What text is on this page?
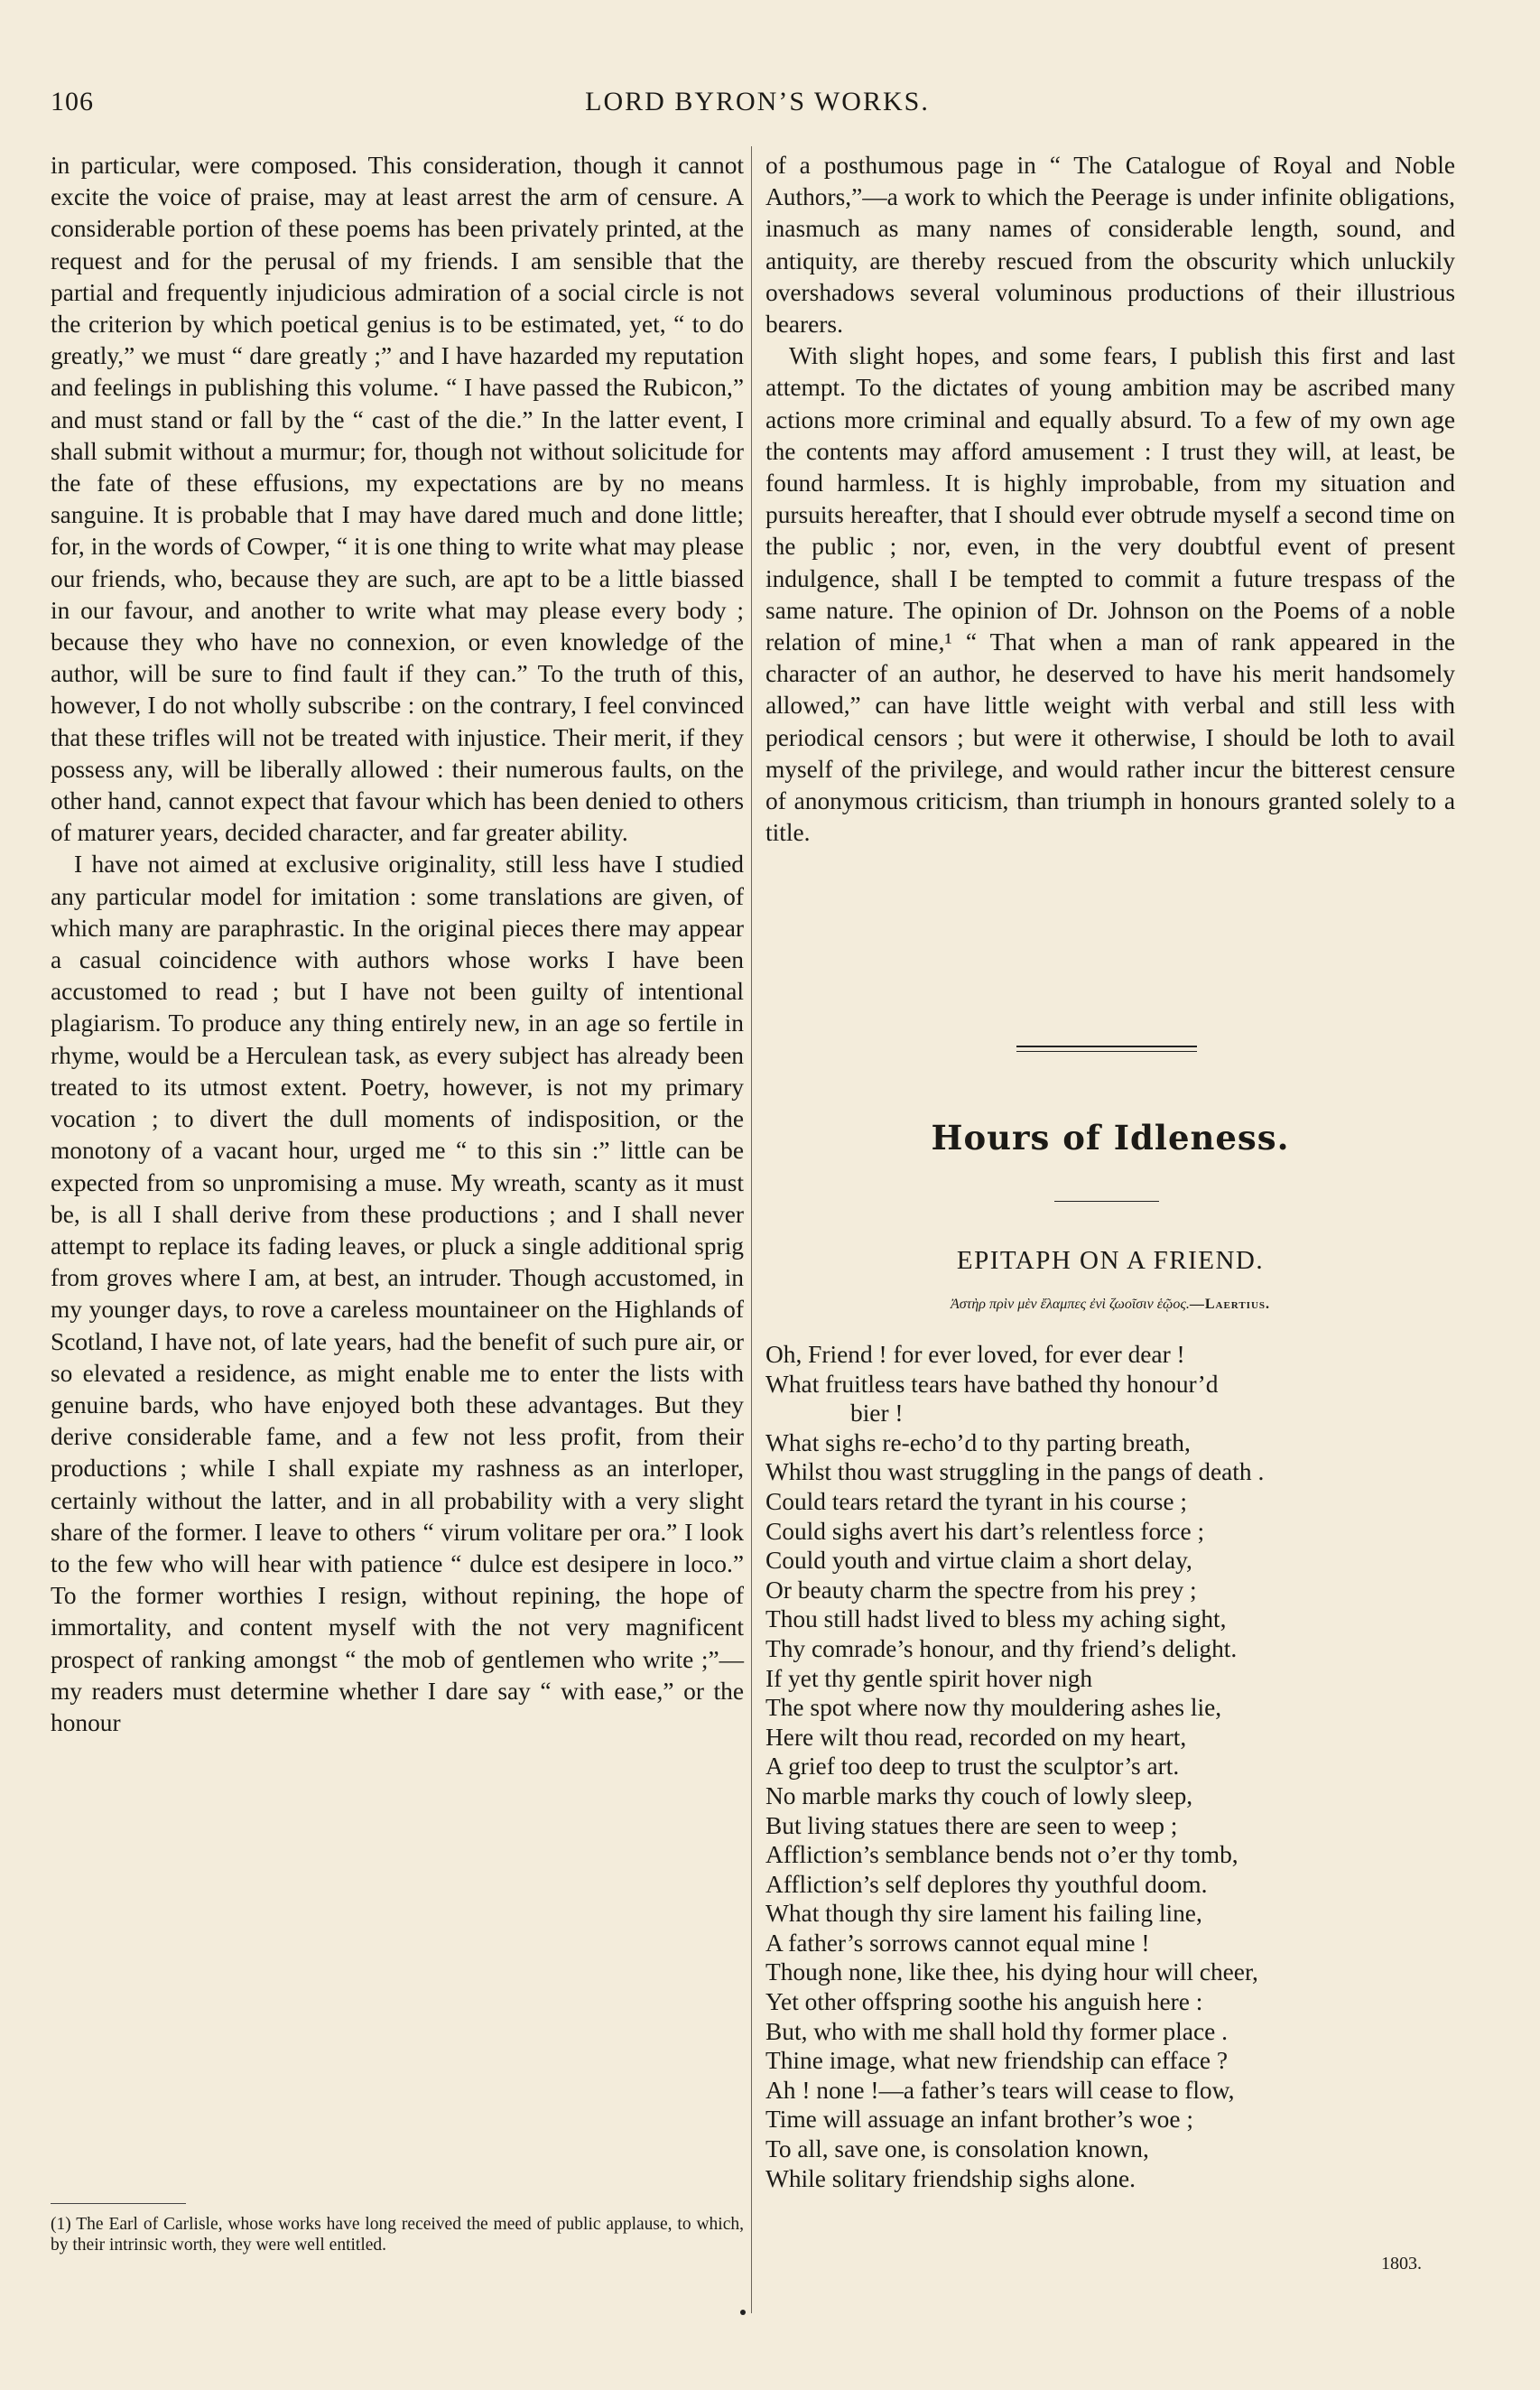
106	LORD BYRON’S WORKS.

in particular, were composed. This consideration, though it cannot excite the voice of praise, may at least arrest the arm of censure. A considerable portion of these poems has been privately printed, at the request and for the perusal of my friends. I am sensible that the partial and frequently injudicious admiration of a social circle is not the criterion by which poetical genius is to be estimated, yet, “ to do greatly,” we must “ dare greatly ;” and I have hazarded my reputation and feelings in publishing this volume. “ I have passed the Rubicon,” and must stand or fall by the “ cast of the die.” In the latter event, I shall submit without a murmur; for, though not without solicitude for the fate of these effusions, my expectations are by no means sanguine. It is probable that I may have dared much and done little; for, in the words of Cowper, “ it is one thing to write what may please our friends, who, because they are such, are apt to be a little biassed in our favour, and another to write what may please every body ; because they who have no connexion, or even knowledge of the author, will be sure to find fault if they can.” To the truth of this, however, I do not wholly subscribe : on the contrary, I feel convinced that these trifles will not be treated with injustice. Their merit, if they possess any, will be liberally allowed : their numerous faults, on the other hand, cannot expect that favour which has been denied to others of maturer years, decided character, and far greater ability.

I have not aimed at exclusive originality, still less have I studied any particular model for imitation : some translations are given, of which many are paraphrastic. In the original pieces there may appear a casual coincidence with authors whose works I have been accustomed to read ; but I have not been guilty of intentional plagiarism. To produce any thing entirely new, in an age so fertile in rhyme, would be a Herculean task, as every subject has already been treated to its utmost extent. Poetry, however, is not my primary vocation ; to divert the dull moments of indisposition, or the monotony of a vacant hour, urged me “ to this sin :” little can be expected from so unpromising a muse. My wreath, scanty as it must be, is all I shall derive from these productions ; and I shall never attempt to replace its fading leaves, or pluck a single additional sprig from groves where I am, at best, an intruder. Though accustomed, in my younger days, to rove a careless mountaineer on the Highlands of Scotland, I have not, of late years, had the benefit of such pure air, or so elevated a residence, as might enable me to enter the lists with genuine bards, who have enjoyed both these advantages. But they derive considerable fame, and a few not less profit, from their productions ; while I shall expiate my rashness as an interloper, certainly without the latter, and in all probability with a very slight share of the former. I leave to others “ virum volitare per ora.” I look to the few who will hear with patience “ dulce est desipere in loco.” To the former worthies I resign, without repining, the hope of immortality, and content myself with the not very magnificent prospect of ranking amongst “ the mob of gentlemen who write ;”—my readers must determine whether I dare say “ with ease,” or the honour

(1) The Earl of Carlisle, whose works have long received the meed of public applause, to which, by their intrinsic worth, they were well entitled.

of a posthumous page in “ The Catalogue of Royal and Noble Authors,”—a work to which the Peerage is under infinite obligations, inasmuch as many names of considerable length, sound, and antiquity, are thereby rescued from the obscurity which unluckily overshadows several voluminous productions of their illustrious bearers.

With slight hopes, and some fears, I publish this first and last attempt. To the dictates of young ambition may be ascribed many actions more criminal and equally absurd. To a few of my own age the contents may afford amusement : I trust they will, at least, be found harmless. It is highly improbable, from my situation and pursuits hereafter, that I should ever obtrude myself a second time on the public ; nor, even, in the very doubtful event of present indulgence, shall I be tempted to commit a future trespass of the same nature. The opinion of Dr. Johnson on the Poems of a noble relation of mine,¹ “ That when a man of rank appeared in the character of an author, he deserved to have his merit handsomely allowed,” can have little weight with verbal and still less with periodical censors ; but were it otherwise, I should be loth to avail myself of the privilege, and would rather incur the bitterest censure of anonymous criticism, than triumph in honours granted solely to a title.

Hours of Idleness.
EPITAPH ON A FRIEND.
Ἀστὴρ πρὶν μὲν ἔλαμπες ἐνὶ ζωοῖσιν ἑῷος.—Laertius.
Oh, Friend ! for ever loved, for ever dear !
What fruitless tears have bathed thy honour’d
bier !
What sighs re-echo’d to thy parting breath,
Whilst thou wast struggling in the pangs of death .
Could tears retard the tyrant in his course ;
Could sighs avert his dart’s relentless force ;
Could youth and virtue claim a short delay,
Or beauty charm the spectre from his prey ;
Thou still hadst lived to bless my aching sight,
Thy comrade’s honour, and thy friend’s delight.
If yet thy gentle spirit hover nigh
The spot where now thy mouldering ashes lie,
Here wilt thou read, recorded on my heart,
A grief too deep to trust the sculptor’s art.
No marble marks thy couch of lowly sleep,
But living statues there are seen to weep ;
Affliction’s semblance bends not o’er thy tomb,
Affliction’s self deplores thy youthful doom.
What though thy sire lament his failing line,
A father’s sorrows cannot equal mine !
Though none, like thee, his dying hour will cheer,
Yet other offspring soothe his anguish here :
But, who with me shall hold thy former place .
Thine image, what new friendship can efface ?
Ah ! none !—a father’s tears will cease to flow,
Time will assuage an infant brother’s woe ;
To all, save one, is consolation known,
While solitary friendship sighs alone.
1803.
